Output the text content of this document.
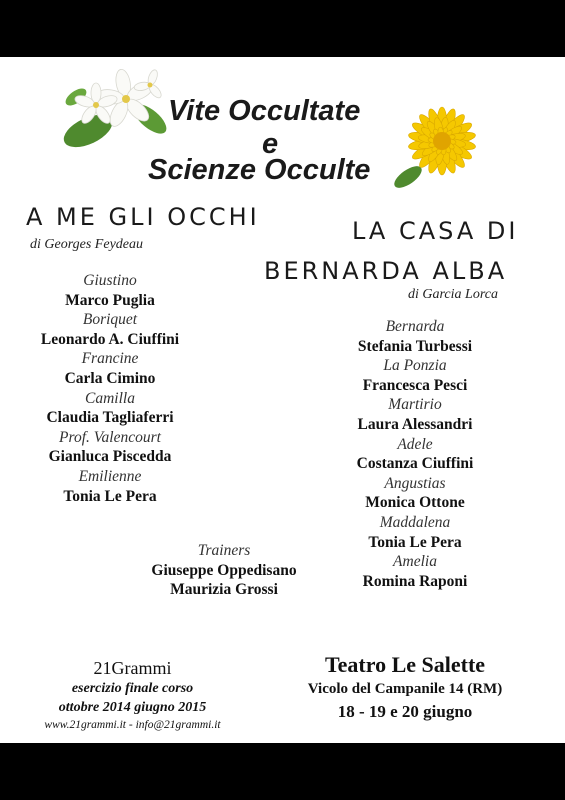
Vite Occultate
e
Scienze Occulte
A ME GLI OCCHI
di Georges Feydeau
Giustino
Marco Puglia
Boriquet
Leonardo A. Ciuffini
Francine
Carla Cimino
Camilla
Claudia Tagliaferri
Prof. Valencourt
Gianluca Piscedda
Emilienne
Tonia Le Pera
Trainers
Giuseppe Oppedisano
Maurizia Grossi
LA CASA DI
BERNARDA ALBA
di Garcia Lorca
Bernarda
Stefania Turbessi
La Ponzia
Francesca Pesci
Martirio
Laura Alessandri
Adele
Costanza Ciuffini
Angustias
Monica Ottone
Maddalena
Tonia Le Pera
Amelia
Romina Raponi
21Grammi
esercizio finale corso
ottobre 2014 giugno 2015
www.21grammi.it - info@21grammi.it
Teatro Le Salette
Vicolo del Campanile 14 (RM)
18 - 19 e 20 giugno
